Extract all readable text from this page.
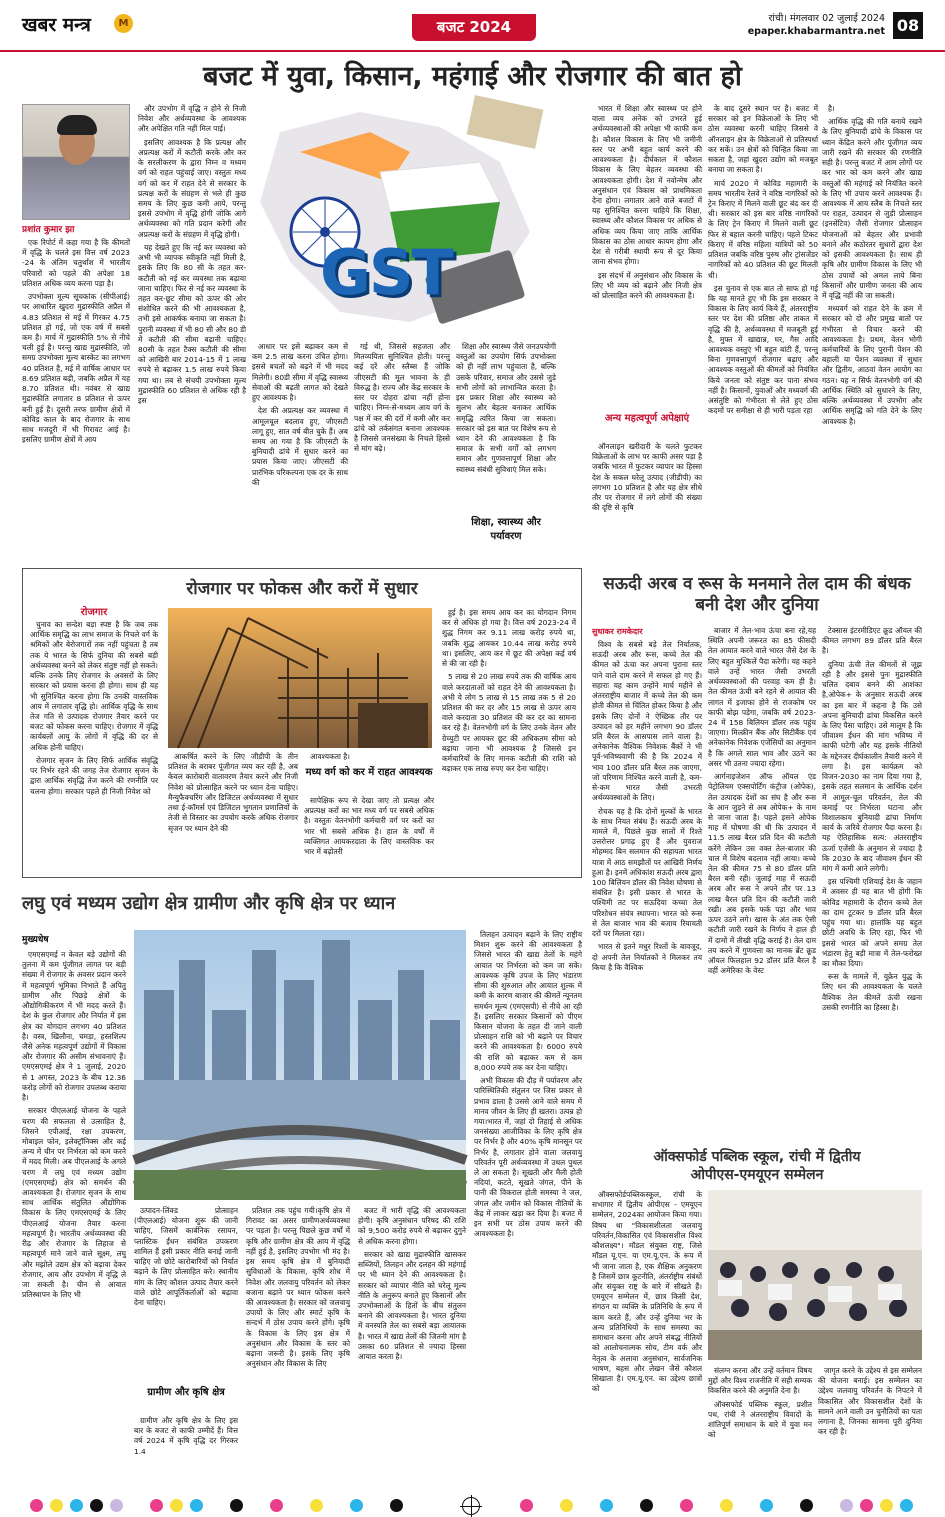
खबर मन्त्र	M	बजट 2024	रांची। मंगलवार 02 जुलाई 2024
epaper.khabarmantra.net 08
बजट में युवा, किसान, महंगाई और रोजगार की बात हो
प्रशांत कुमार झा

एक रिपोर्ट में कहा गया है कि कीमतों में वृद्धि के चलते इस वित्त वर्ष 2023 -24 के अंतिम चतुर्थांश में भारतीय परिवारों को पहले की अपेक्षा 18 प्रतिशत अधिक व्यय करना पड़ा है।

उपभोक्ता मूल्य सूचकांक (सीपीआई) पर आधारित खुदरा मुद्रास्फीति अप्रैल में 4.83 प्रतिशत से मई में गिरकर 4.75 प्रतिशत हो गई, जो एक वर्ष में सबसे कम है। मार्च में मुद्रास्फीति 5% से नीचे चली हुई है। परन्तु खाद्य मुद्रास्फीति, जो समग्र उपभोक्ता मूल्य बास्केट का लगभग 40 प्रतिशत है, मई में वार्षिक आधार पर 8.69 प्रतिशत बढ़ी, जबकि अप्रैल में यह 8.70 प्रतिशत थी। नवंबर से खाद्य मुद्रास्फीति लगातार 8 प्रतिशत से ऊपर बनी हुई है। दूसरी तरफ ग्रामीण क्षेत्रों में कोविड काल के बाद रोजगार के साथ साथ मजदूरी में भी गिरावट आई है। इसलिए ग्रामीण क्षेत्रों में आय

और उपभोग में वृद्धि न होने से निजी निवेश और अर्थव्यवस्था के आवश्यक और अपेक्षित गति नहीं मिल पाई।

इसलिए आवश्यक है कि प्रत्यक्ष और अप्रत्यक्ष करों में कटौती करके और कर के सरलीकरण के द्वारा निम्न व मध्यम वर्ग को राहत पहुंचाई जाए। वस्तुतः मध्य वर्ग को कर में राहत देने से सरकार के प्रत्यक्ष करों के संग्रहण से भले ही कुछ समय के लिए कुछ कमी आये, परन्तु इससे उपभोग में वृद्धि होगी जोकि आगे अर्थव्यवस्था को गति प्रदान करेगी और अप्रत्यक्ष करों के संग्रहण में वृद्धि होगी।

यह देखते हुए कि नई कर व्यवस्था को अभी भी व्यापक स्वीकृति नहीं मिली है, इसके लिए कि 80 सी के तहत कर-कटौती को नई कर व्यवस्था तक बढ़ाया जाना चाहिए। फिर से नई कर व्यवस्था के तहत कर-छूट सीमा को ऊपर की ओर संशोधित करने की भी आवश्यकता है, तभी इसे आकर्षक बनाया जा सकता है। पुरानी व्यवस्था में भी 80 सी और 80 डी में कटौती की सीमा बढ़ानी चाहिए। 80सी के तहत टैक्स कटौती की सीमा को आखिरी बार 2014-15 में 1 लाख रुपये से बढ़ाकर 1.5 लाख रुपये किया गया था। तब से संचयी उपभोक्ता मूल्य मुद्रास्फीति 60 प्रतिशत से अधिक रही है इस

GST

आधार पर इसे बढ़ाकर कम से कम 2.5 लाख करना उचित होगा। इससे बचतों को बढ़ने में भी मदद मिलेगी। 80डी सीमा में वृद्धि स्वास्थ्य सेवाओं की बढ़ती लागत को देखते हुए आवश्यक है।

देश की अप्रत्यक्ष कर व्यवस्था में आमूलचूल बदलाव हुए, जीएसटी लागू हुए, सात वर्ष बीत चुके हैं। अब समय आ गया है कि जीएसटी के बुनियादी ढांचे में सुधार करने का प्रयास किया जाए। जीएसटी की प्रारंभिक परिकल्पना एक दर के साथ की

गई थी, जिससे सहजता और मितव्ययिता सुनिश्चित होती। परन्तु कई दरें और स्लैब्स हैं जोकि जीएसटी की मूल भावना के ही विरुद्ध है। राज्य और केंद्र सरकार के स्तर पर दोहरा ढांचा नहीं होना चाहिए। निम्न-से-मध्यम आय वर्ग के पक्ष में कर की दरों में कमी और कर ढांचे को तर्कसंगत बनाना आवश्यक है जिससे जनसंख्या के निचले हिस्से से मांग बढ़े।

शिक्षा और स्वास्थ्य जैसे जनउपयोगी वस्तुओं का उपयोग सिर्फ उपभोक्ता को ही नहीं लाभ पहुंचाता है, बल्कि उसके परिवार, समाज और उससे जुड़े सभी लोगों को लाभान्वित करता है। इस प्रकार शिक्षा और स्वास्थ्य को सुलभ और बेहतर बनाकर आर्थिक समृद्धि त्वरित किया जा सकता। सरकार को इस बात पर विशेष रूप से ध्यान देने की आवश्यकता है कि समाज के सभी वर्गों को लगभग समान और गुणवत्तापूर्ण शिक्षा और स्वास्थ्य संबंधी सुविधाएं मिल सके।

शिक्षा, स्वास्थ्य और पर्यावरण

भारत में शिक्षा और स्वास्थ्य पर होने वाला व्यय अनेक को उभरते हुई अर्थव्यवस्थाओं की अपेक्षा भी काफी कम है। कौशल विकास के लिए भी जमीनी स्तर पर अभी बहुत कार्य करने की आवश्यकता है। दीर्घकाल में कौशल विकास के लिए बेहतर व्यवस्था की आवश्यकता होगी। देश में नवोन्मेष और अनुसंधान एवं विकास को प्राथमिकता देना होगा। लगातार आने वाले बजटों में यह सुनिश्चित करना चाहिये कि शिक्षा, स्वास्थ्य और कौशल विकास पर अधिक से अधिक व्यय किया जाए ताकि आर्थिक विकास का ठोस आधार कायम होगा और देश से गरीबी स्थायी रूप से दूर किया जाना संभव होगा।

इस संदर्भ में अनुसंधान और विकास के लिए भी व्यय को बढ़ाने और निजी क्षेत्र को प्रोत्साहित करने की आवश्यकता है।

अन्य महत्वपूर्ण अपेक्षाएं

ऑनलाइन खरीदारी के चलते फुटकर विक्रेताओं के लाभ पर काफी असर पड़ा है जबकि भारत में फुटकर व्यापार का हिस्सा देश के सकल घरेलू उत्पाद (जीडीपी) का लगभग 10 प्रतिशत है और यह क्षेत्र सीधे तौर पर रोजगार में लगे लोगों की संख्या की दृष्टि से कृषि

के बाद दूसरे स्थान पर है। बजट में सरकार को इन विक्रेताओं के लिए भी ठोस व्यवस्था करनी चाहिए जिससे वे ऑनलाइन क्षेत्र के विक्रेताओं से प्रतिस्पर्धा कर सकें। उन क्षेत्रों को चिन्हित किया जा सकता है, जहां खुदरा उद्योग को मजबूत बनाया जा सकता है।

मार्च 2020 में कोविड महामारी के समय भारतीय रेलवे ने वरिष्ठ नागरिकों को ट्रेन किराए में मिलने वाली छूट बंद कर दी थी। सरकार को इस बार वरिष्ठ नागरिकों के लिए ट्रेन किराए में मिलने वाली छूट फिर से बहाल करनी चाहिए। पहले टिकट किराए में वरिष्ठ महिला यात्रियों को 50 प्रतिशत जबकि वरिष्ठ पुरुष और ट्रांसजेंडर नागरिकों को 40 प्रतिशत की छूट मिलती थी।

इस चुनाव से एक बात तो साफ हो गई कि यह मानते हुए भी कि इस सरकार ने विकास के लिए कार्य किये हैं, अंतरराष्ट्रीय स्तर पर देश की प्रतिष्ठा और ताकत में वृद्धि की है, अर्थव्यवस्था में मजबूती हुई है, मुफ्त में खाद्यान्न, घर, गैस आदि आवश्यक वस्तुएं भी बहुत बांटी हैं, परन्तु बिना गुणवत्तापूर्ण रोजगार बढ़ाए और आवश्यक वस्तुओं की कीमतों को नियंत्रित किये जनता को संतुष्ट कर पाना संभव नहीं है। किसानों, युवाओं और मध्यवर्ग की असंतुष्टि को गंभीरता से लेते हुए ठोस कदमों पर समीक्षा से ही भारी पड़ता रहा

है।

आर्थिक वृद्धि की गति बनाये रखने के लिए बुनियादी ढांचे के विकास पर ध्यान केंद्रित करने और पूंजीगत व्यय जारी रखने की सरकार की रणनीति सही है। परन्तु बजट में आम लोगों पर कर भार को कम करने और खाद्य वस्तुओं की महंगाई को नियंत्रित करने के लिए भी उपाय करने आवश्यक हैं। आवश्यक में आय स्लैब के निचले स्तर पर राहत, उत्पादन से जुड़ी प्रोत्साहन (इनसेंटिव) जैसी रोजगार प्रोत्साहन योजनाओं को बेहतर और प्रभावी बनाने और कठोरतर सुधारों द्वारा देश को इसकी आवश्यकता है। साथ ही कृषि और ग्रामीण विकास के लिए भी ठोस उपायों को अमल लाये बिना किसानों और ग्रामीण जनता की आय में वृद्धि नहीं की जा सकती।

मध्यवर्ग को राहत देने के क्रम में सरकार को दो और प्रमुख बातों पर गंभीरता से विचार करने की आवश्यकता है। प्रथम, वेतन भोगी कर्मचारियों के लिए पुरानी पेंशन की बहाली या पेंशन व्यवस्था में सुधार और द्वितीय, आठवां वेतन आयोग का गठन। यह न सिर्फ वेतनभोगी वर्ग की आर्थिक स्थिति को सुधारने के लिए, बल्कि अर्थव्यवस्था में उपभोग और आर्थिक समृद्धि को गति देने के लिए आवश्यक है।

रोजगार पर फोकस और करों में सुधार
रोजगार

चुनाव का सन्देश बड़ा स्पष्ट है कि जब तक आर्थिक समृद्धि का लाभ समाज के निचले वर्ग के श्रमिकों और बेरोजगारों तक नहीं पहुंचता है तब तक ये भारत के सिर्फ दुनिया की सबसे बड़ी अर्थव्यवस्था बनने को लेकर संतुष्ट नहीं हो सकते। बल्कि उनके लिए रोजगार के अवसरों के लिए सरकार को प्रयास करना ही होगा। साथ ही यह भी सुनिश्चित करना होगा कि उनकी वास्तविक आय में लगातार वृद्धि हो। आर्थिक वृद्धि के साथ तेज गति से उत्पादक रोजगार तैयार करने पर बजट को फोकस करना चाहिए। रोजगार में वृद्धि कार्यबलों आयु के लोगों में वृद्धि की दर से अधिक होनी चाहिए।

रोजगार सृजन के लिए सिर्फ आर्थिक संवृद्धि पर निर्भर रहने की जगह तेज रोजगार सृजन के द्वारा आर्थिक संवृद्धि तेज करने की रणनीति पर चलना होगा। सरकार पहले ही निजी निवेश को

आकर्षित करने के लिए जीडीपी के तीन प्रतिशत के बराबर पूंजीगत व्यय कर रही है, अब केवल कारोबारी वातावरण तैयार करने और निजी निवेश को प्रोत्साहित करने पर ध्यान देना चाहिए। मैन्युफैक्चरिंग और डिजिटल अर्थव्यवस्था में सुधार तथा ई-कॉमर्स एवं डिजिटल भुगतान प्रणालियों के तेजी से विस्तार का उपयोग करके अधिक रोजगार सृजन पर ध्यान देने की

आवश्यकता है।

मध्य वर्ग को कर में राहत आवश्यक

सापेक्षिक रूप से देखा जाए तो प्रत्यक्ष और अप्रत्यक्ष करों का भार मध्य वर्ग पर सबसे अधिक है। वस्तुतः वेतनभोगी कर्मचारी वर्ग पर करों का भार भी सबसे अधिक है। हाल के वर्षों में व्यक्तिगत आयकरदाता के लिए वास्तविक कर भार में बढ़ोतरी

हुई है। इस समय आय कर का योगदान निगम कर से अधिक हो गया है। वित्त वर्ष 2023-24 में शुद्ध निगम कर 9.11 लाख करोड़ रुपये था, जबकि शुद्ध आयकर 10.44 लाख करोड़ रुपये था। इसलिए, आय कर में छूट की अपेक्षा कई वर्ष से की जा रही है।

5 लाख से 20 लाख रुपये तक की वार्षिक आय वाले करदाताओं को राहत देने की आवश्यकता है। अभी ये लोग 5 लाख से 15 लाख तक 5 से 20 प्रतिशत की कर दर और 15 लाख से ऊपर आय वाले करदाता 30 प्रतिशत की कर दर का सामना कर रहे हैं। वेतनभोगी वर्ग के लिए उनके वेतन और ग्रेच्युटी पर आयकर छूट की अधिकतम सीमा को बढ़ाया जाना भी आवश्यक है जिससे इन कर्मचारियों के लिए मानक कटौती की राशि को बढ़ाकर एक लाख रुपए कर देना चाहिए।

सऊदी अरब व रूस के मनमाने तेल दाम की बंधक बनी देश और दुनिया
सुधाकर रामकेदार

विश्व के सबसे बड़े तेल निर्यातक, सऊदी अरब और रूस, कच्चे तेल की कीमत को ऊंचा कर अपना पुराना स्तर पाने वाले दाम करने में सफल हो गए हैं। सहाराः यह काम उन्होंने मार्च महीने से अंतरराष्ट्रीय बाजार में कच्चे तेल की कम होती कीमत से चिंतित होकर किया है और इसके लिए दोनों ने ऐच्छिक तौर पर उत्पादन को हर महीने लगभग 90 डॉलर प्रति बैरल के आसपास लाने वाला है। अनेकानेक वैश्विक निवेशक बैंकों ने भी पूर्व-भविष्यवाणी की है कि 2024 में भाव 100 डॉलर प्रति बैरल तक जाएगा, जो परिणाम निश्चित करने वाली है, कम-से-कम भारत जैसी उभरती अर्थव्यवस्थाओं के लिए।

रोचक यह है कि दोनों मुल्कों के भारत के साथ नियत संबंध हैं। सऊदी अरब के मामले में, पिछले कुछ सालों में रिश्ते उत्तरोत्तर प्रगाढ़ हुए हैं और युवराज मोहम्मद बिन सलमान की सहायता भारत यात्रा में आठ समझौतों पर आखिरी निर्णय हुआ है। इनमें अधिकांश सऊदी अरब द्वारा 100 बिलियन डॉलर की निवेश घोषणा से संबंधित है। इसी प्रकार से भारत के पश्चिमी तट पर सऊदिया कच्चा तेल परिशोधन संयंत्र स्थापना। भारत को रूस से तेल बाजार भाव की बजाय रियायती दरों पर मिलता रहा।

भारत से इतने मधुर रिश्तों के बावजूद, दो अपनी तेल निर्यातकों ने मिलकर तय किया है कि वैश्विक

बाजार में तेल-भाव ऊंचा बना रहे,यह स्थिति अपनी जरूरत का 85 फीसदी तेल आयात करने वाले भारत जैसे देश के लिए बहुत मुश्किलें पैदा करेगी। यह कहने वाले उन्हें भारत जैसी उभरती अर्थव्यवस्थाओं की परवाह कम ही है। तेल कीमत ऊंची बने रहने से आयात की लागत में इजाफा होने से राजकोष पर काफी बोझ पड़ेगा, जबकि वर्ष 2023-24 में 158 बिलियन डॉलर तक पहुंच जाएगा। मिल्क्रीन बैंक और सिटीबैंक एवं अनेकानेक निवेशक एजेंसियों का अनुमान है कि अगले साल भाव और उठने का असर भी उतना ज्यादा रहेगा।

आर्गनाइजेशन ऑफ ऑयल एंड पेट्रोलियम एक्सपोर्टिंग कंट्रीज (ओपेक), तेल उत्पादक देशों का संघ है और रूस के आन जुड़ने से अब ओपेक+ के नाम से जाना जाता है। पहले इसने ओपेक माह में घोषणा की थी कि उत्पादन में 11.5 लाख बैरल प्रति दिन की कटौती करेंगे लेकिन उस वक्त तेल-बाजार की चाल में विशेष बदलाव नहीं आया। कच्चे तेल की कीमत 75 से 80 डॉलर प्रति बैरल बनी रही। जुलाई माह में सऊदी अरब और रूस ने अपने तौर पर 13 लाख बैरल प्रति दिन की कटौती जारी रखी। अब इसके फर्क पड़ा और भाव ऊपर उठने लगे। खास के अंत तक ऐसी कटौती जारी रखने के निर्णय ने हाल ही में दामों में तीखी वृद्धि कराई है। तेल दाम तय करने में गुणवत्ता का मानक ब्रेंट क्रूड ऑयल फिलहाल 92 डॉलर प्रति बैरल है वहीं अमेरिका के वेस्ट

टेक्सास इंटरमीडिएट क्रूड ऑयल की कीमत लगभग 89 डॉलर प्रति बैरल है।

दुनिया ऊंची तेल कीमतों से जूझ रही है और इससे पुनः मुद्रास्फीति चलित दबाव बनने की आशंका है,ओपेक+ के अनुसार सऊदी अरब का इस बार में कहना है कि उसे अपना बुनियादी ढांचा विकसित करने के लिए पैसा चाहिए। उसे मालूम है कि जीवाश्म ईंधन की मांग भविष्य में काफी घटेगी और यह इसके नीतियों के मद्देनजर दीर्घकालीन तैयारी करने में लगा है। इस कार्यक्रम को विजन-2030 का नाम दिया गया है, इसके तहत सलमान के आर्थिक दर्शन में आमूल-चूल परिवर्तन, तेल की कमाई पर निर्भरता घटाना और विशालकाय बुनियादी ढांचा निर्माण कार्य के जरिये रोजगार पैदा करना है। यह ऐतिहासिक सत्य: अंतरराष्ट्रीय ऊर्जा एजेंसी के अनुमान से ज्यादा है कि 2030 के बाद जीवाश्म ईंधन की मांग में कमी आने लगेगी।

इस पश्चिमी एशियाई देश के जहान में अवसर ही यह बात भी होगी कि कोविड महामारी के दौरान कच्चे तेल का दाम टूटकर 9 डॉलर प्रति बैरल पहुंच गया था। हालांकि यह बहुत छोटी अवधि के लिए रहा, फिर भी इससे भारत को अपने समग्र तेल भंडारण हेतु बड़ी मात्रा में तेल-फरोख्त का मौका दिया।

रूस के मामले में, यूक्रेन युद्ध के लिए धन की आवश्यकता के चलते वैश्विक तेल कीमतें ऊंची रखना उसकी रणनीति का हिस्सा है।

लघु एवं मध्यम उद्योग क्षेत्र ग्रामीण और कृषि क्षेत्र पर ध्यान
मुख्यधेष

एमएसएमई न केवल बड़े उद्योगों की तुलना में कम पूंजीगत लागत पर बड़ी संख्या में रोजगार के अवसर प्रदान करने में महत्वपूर्ण भूमिका निभाते हैं अपितु ग्रामीण और पिछड़े क्षेत्रों के औद्योगिकीकरण में भी मदद करते हैं। देश के कुल रोजगार और निर्यात में इस क्षेत्र का योगदान लगभग 40 प्रतिशत है। वस्त्र, खिलौना, चमड़ा, हस्तशिल्प जैसे अनेक महत्वपूर्ण उद्योगों में विकास और रोजगार की असीम संभावनाएं हैं। एमएसएमई क्षेत्र ने 1 जुलाई, 2020 से 1 अगस्त, 2023 के बीच 12.36 करोड़ लोगों को रोजगार उपलब्ध कराया है।

सरकार पीएलआई योजना के पहले चरण की सफलता से उत्साहित है, जिसने एपीआई, रक्षा उपकरण, मोबाइल फोन, इलेक्ट्रॉनिक्स और कई अन्य में चीन पर निर्भरता को कम करने में मदद मिली। अब पीएलआई के अगले चरण में लघु एवं मध्यम उद्योग (एमएसएमई) क्षेत्र को समर्थन की आवश्यकता है। रोजगार सृजन के साथ साथ आर्थिक संतुलित औद्योगिक विकास के लिए एमएसएमई के लिए पीएलआई योजना तैयार करना महत्वपूर्ण है। भारतीय अर्थव्यवस्था की रीढ़ और रोजगार के लिहाज से महत्वपूर्ण माने जाने वाले सूक्ष्म, लघु और मझोले उद्यम क्षेत्र को बढ़ावा देकर रोजगार, आय और उपभोग में वृद्धि ले जा सकती है। चीन से आयात प्रतिस्थापन के लिए भी

उत्पादन-लिंक्ड प्रोत्साहन (पीएलआई) योजना शुरू की जानी चाहिए, जिसमें कार्बनिक रसायन, प्लास्टिक ईंधन संबंधित उपकरण शामिल हैं इसी प्रकार नीति बनाई जानी चाहिए जो छोटे कारोबारियों को निर्यात बढ़ाने के लिए प्रोत्साहित करे। स्थानीय मांग के लिए कौशल उत्पाद तैयार करने वाले छोटे आपूर्तिकर्ताओं को बढ़ावा देना चाहिए।

ग्रामीण और कृषि क्षेत्र

ग्रामीण और कृषि क्षेत्र के लिए इस बार के बजट से काफी उम्मीदें हैं। वित्त वर्ष 2024 में कृषि वृद्धि दर गिरकर 1.4

प्रतिशत तक पहुंच गयी।कृषि क्षेत्र में गिरावट का असर ग्रामीणअर्थव्यवस्था पर पड़ता है। परन्तु पिछले कुछ वर्षों में कृषि और ग्रामीण क्षेत्र की आय में वृद्धि नहीं हुई है, इसलिए उपभोग भी मंद है। इस समय कृषि क्षेत्र में बुनियादी सुविधाओं के विकास, कृषि शोध में निवेश और जलवायु परिवर्तन को लेकर बजाना बढ़ाने पर ध्यान फोकस करने की आवश्यकता है। सरकार को जलवायु उपायों के लिए और स्मार्ट कृषि के सन्दर्भ में ठोस उपाय करने होंगे। कृषि के विकास के लिए इस क्षेत्र में अनुसंधान और विकास के स्तर को बढ़ाना जरूरी है। इसके लिए कृषि अनुसंधान और विकास के लिए

बजट में भारी वृद्धि की आवश्यकता होगी। कृषि अनुसंधान परिषद की राशि को 9,500 करोड़ रुपये से बढ़ाकर दुगुने से अधिक करना होगा।

सरकार को खाद्य मुद्रास्फीति खासकर सब्जियों, तिलहन और दलहन की महंगाई पर भी ध्यान देने की आवश्यकता है। सरकार को व्यापार नीति को घरेलू मूल्य नीति के अनुरूप बनाते हुए किसानों और उपभोक्ताओं के हितों के बीच संतुलन बनाने की आवश्यकता है। भारत दुनिया में वनस्पति तेल का सबसे बड़ा आयातक है। भारत में खाद्य तेलों की जितनी मांग है उसका 60 प्रतिशत से ज्यादा हिस्सा आयात करता है।

तिलहन उत्पादन बढ़ाने के लिए राष्ट्रीय मिशन शुरू करने की आवश्यकता है जिससे भारत की खाद्य तेलों के महंगे आयात पर निर्भरता को कम जा सके। आवश्यक कृषि उपज के लिए भंडारण सीमा की शुरुआत और आयात शुल्क में कमी के कारण बाजार की कीमतें न्यूनतम समर्थन मूल्य (एमएसपी) से नीचे आ रही हैं। इसलिए सरकार किसानों को पीएम किसान योजना के तहत दी जाने वाली प्रोत्साहन राशि को भी बढ़ाने पर विचार करने की आवश्यकता है। 6000 रुपये की राशि को बढ़ाकर कम से कम 8,000 रुपये तक कर देना चाहिए।

अभी विकास की दौड़ में पर्यावरण और पारिस्थितिकी संतुलन पर जिस प्रकार से प्रभाव डाला है उससे आने वाले समय में मानव जीवन के लिए ही खतरा। उत्पन्न हो गया।भारत में, जहां दो तिहाई से अधिक जनसंख्या आजीविका के लिए कृषि क्षेत्र पर निर्भर है और 40% कृषि मानसून पर निर्भर है, लगातार होने वाला जलवायु परिवर्तन पूरी अर्थव्यवस्था में उथल पुथल ले आ सकता है। सूखती और मैली होती नदियां, कटते, सूखते जंगल, पीने के पानी की विकराल होती समस्या ने जल, जंगल और जमीन को विकास नीतियों के केंद्र में लाकर खड़ा कर दिया है। बजट में इन सभी पर ठोस उपाय करने की आवश्यकता है।

ऑक्सफोर्ड पब्लिक स्कूल, रांची में द्वितीय
ओपीएस-एमयूएन सम्मेलन

ऑक्सफोर्डपब्लिकस्कूल, रांची के सभागार में द्वितीय ओपीएस - एमयूएन सम्मेलन, 2024का आयोजन किया गया। विषय था "विकासशीलता जलवायु परिवर्तन,विकासित एवं विकासशील विश्व कौशलक्ष्य"। मॉडल संयुक्त राष्ट्र, जिसे मॉडल यू.एन. या एम.यू.एन. के रूप में भी जाना जाता है, एक शैक्षिक अनुकरण है जिसमें छात्र कूटनीति, अंतर्राष्ट्रीय संबंधों और संयुक्त राष्ट्र के बारे में सीखते हैं। एमयूएन सम्मेलन में, छात्र किसी देश, संगठन या व्यक्ति के प्रतिनिधि के रूप में काम करते हैं, और उन्हें दुनिया भर के अन्य प्रतिनिधियों के साथ समस्या का समाधान करना और अपने संबद्ध नीतियों को आलोचनात्मक सोच, टीम वर्क और नेतृत्व के अलावा अनुसंधान, सार्वजनिक भाषण, बहस और लेखन जैसे कौशल सिखाता है। एम.यू.एन. का उद्देश्य छात्रों को

संलग्न करना और उन्हें वर्तमान विषय मुद्दों और विश्व राजनीति में सही सम्यक विकसित करने की अनुमति देना है।

ऑक्सफोर्ड पब्लिक स्कूल, प्रशीत पथ, रांची ने अंतरराष्ट्रीय विवादों के शांतिपूर्ण समाधान के बारे में युवा मन को

जागृत करने के उद्देश्य से इस सम्मेलन की योजना बनाई। इस सम्मेलन का उद्देश्य जलवायु परिवर्तन के निपटने में विकासित और विकासशील देशों के सामने आने वाली उन चुनौतियों का पता लगाना है, जिनका सामना पूरी दुनिया कर रही है।
